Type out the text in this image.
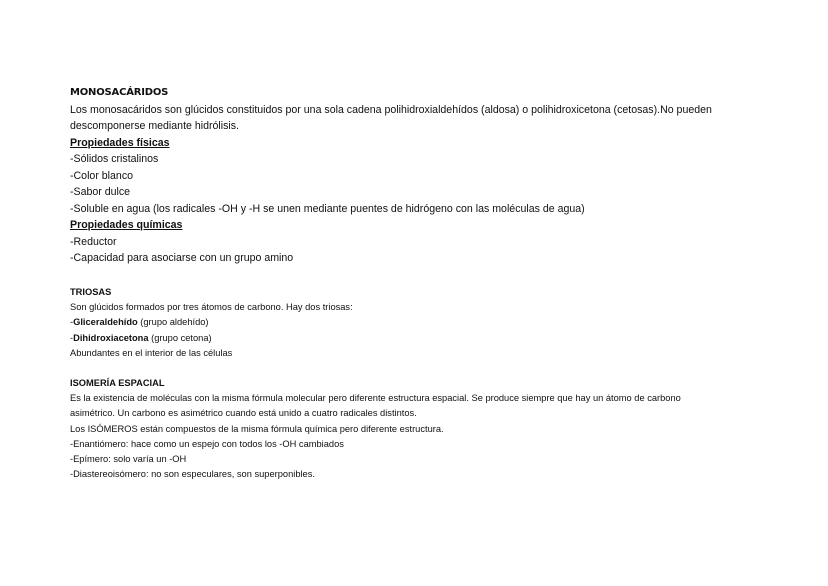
MONOSACÁRIDOS
Los monosacáridos son glúcidos constituidos por una sola cadena polihidroxialdehídos (aldosa) o polihidroxicetona (cetosas).No pueden
descomponerse mediante hidrólisis.
Propiedades físicas
-Sólidos cristalinos
-Color blanco
-Sabor dulce
-Soluble en agua (los radicales -OH y -H se unen mediante puentes de hidrógeno con las moléculas de agua)
Propiedades químicas
-Reductor
-Capacidad para asociarse con un grupo amino
TRIOSAS
Son glúcidos formados por tres átomos de carbono. Hay dos triosas:
-Gliceraldehído (grupo aldehído)
-Dihidroxiacetona (grupo cetona)
Abundantes en el interior de las células
ISOMERÍA ESPACIAL
Es la existencia de moléculas con la misma fórmula molecular pero diferente estructura espacial. Se produce siempre que hay un átomo de carbono
asimétrico. Un carbono es asimétrico cuando está unido a cuatro radicales distintos.
Los ISÓMEROS están compuestos de la misma fórmula química pero diferente estructura.
-Enantiómero: hace como un espejo con todos los -OH cambiados
-Epímero: solo varía un -OH
-Diastereoisómero: no son especulares, son superponibles.
